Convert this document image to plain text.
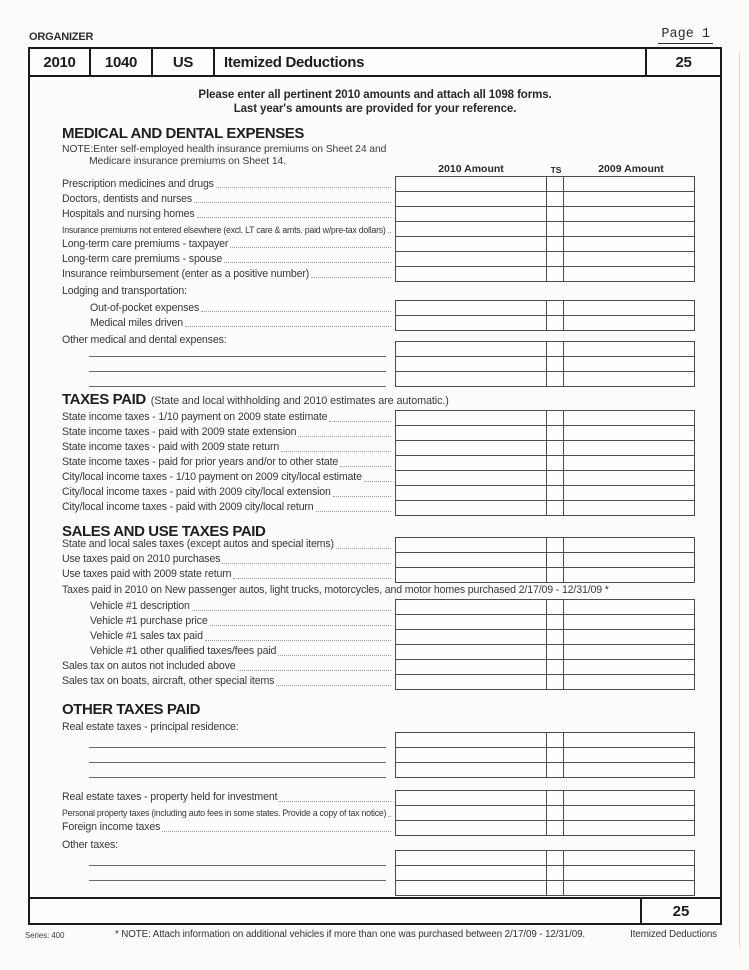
ORGANIZER	Page 1
2010	1040	US	Itemized Deductions	25
Please enter all pertinent 2010 amounts and attach all 1098 forms.
Last year's amounts are provided for your reference.
2010 Amount	TS	2009 Amount
MEDICAL AND DENTAL EXPENSES
NOTE:Enter self-employed health insurance premiums on Sheet 24 and
Medicare insurance premiums on Sheet 14.
Prescription medicines and drugs
Doctors, dentists and nurses
Hospitals and nursing homes
Insurance premiums not entered elsewhere (excl. LT care & amts. paid w/pre-tax dollars)
Long-term care premiums - taxpayer
Long-term care premiums - spouse
Insurance reimbursement (enter as a positive number)
Lodging and transportation:
Out-of-pocket expenses
Medical miles driven
Other medical and dental expenses:
TAXES PAID (State and local withholding and 2010 estimates are automatic.)
State income taxes - 1/10 payment on 2009 state estimate
State income taxes - paid with 2009 state extension
State income taxes - paid with 2009 state return
State income taxes - paid for prior years and/or to other state
City/local income taxes - 1/10 payment on 2009 city/local estimate
City/local income taxes - paid with 2009 city/local extension
City/local income taxes - paid with 2009 city/local return
SALES AND USE TAXES PAID
State and local sales taxes (except autos and special items)
Use taxes paid on 2010 purchases
Use taxes paid with 2009 state return
Taxes paid in 2010 on New passenger autos, light trucks, motorcycles, and motor homes purchased 2/17/09 - 12/31/09 *
Vehicle #1 description
Vehicle #1 purchase price
Vehicle #1 sales tax paid
Vehicle #1 other qualified taxes/fees paid
Sales tax on autos not included above
Sales tax on boats, aircraft, other special items
OTHER TAXES PAID
Real estate taxes - principal residence:
Real estate taxes - property held for investment
Personal property taxes (including auto fees in some states. Provide a copy of tax notice)
Foreign income taxes
Other taxes:
25
Series: 400	* NOTE: Attach information on additional vehicles if more than one was purchased between 2/17/09 - 12/31/09.	Itemized Deductions
